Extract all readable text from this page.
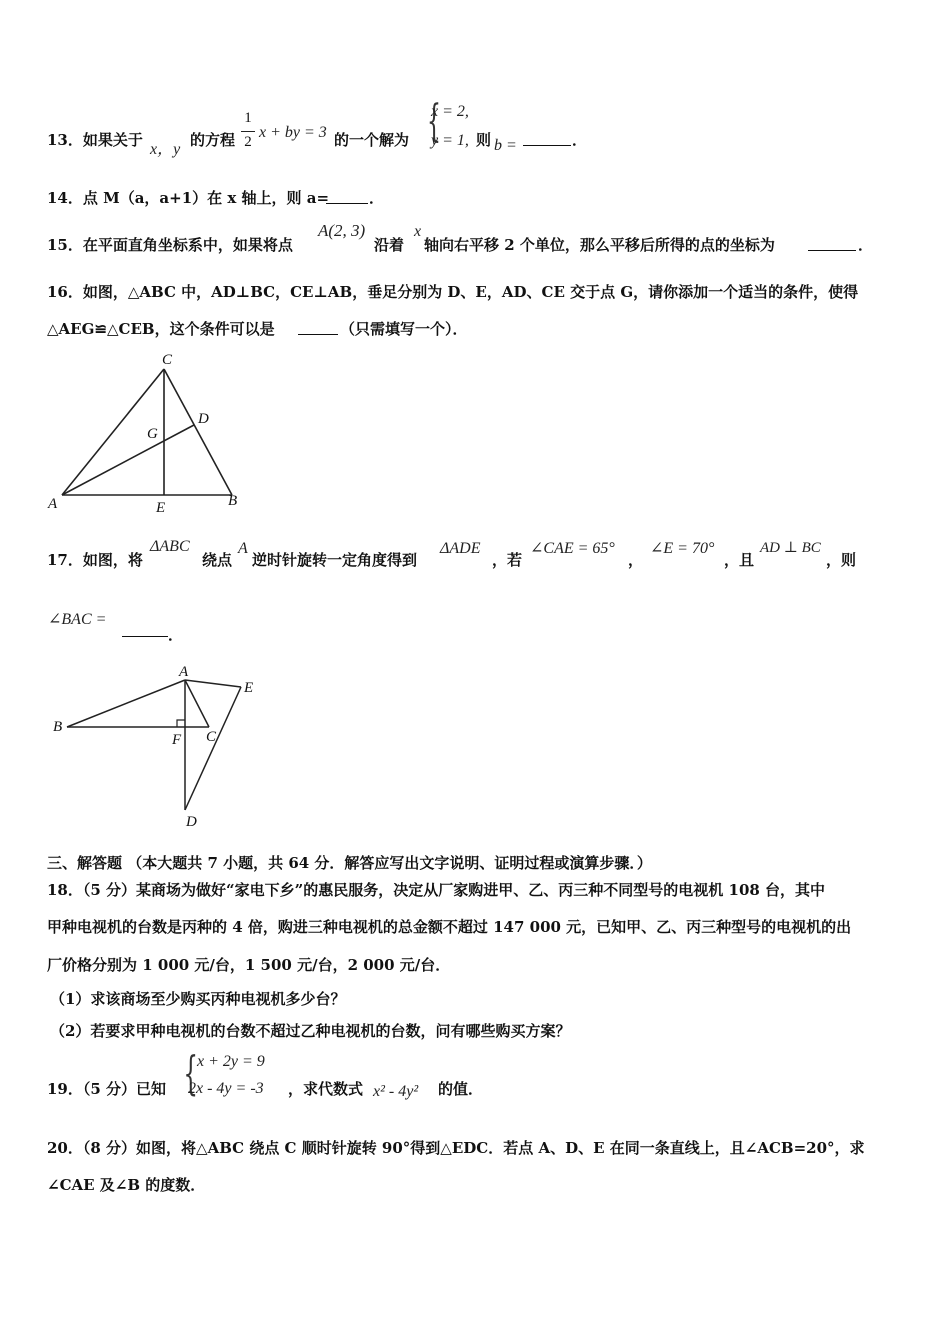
13．如果关于
x，y
的方程
1
2
x + by = 3 的一个解为 {
x = 2,
y = 1, 则 b =	．
14．点 M（a，a+1）在 x 轴上，则 a=	．
15．在平面直角坐标系中，如果将点
A(2, 3)
沿着
x
轴向右平移 2 个单位，那么平移后所得的点的坐标为	．
16．如图，△ABC 中，AD⊥BC，CE⊥AB，垂足分别为 D、E，AD、CE 交于点 G，请你添加一个适当的条件，使得
△AEG≌△CEB，这个条件可以是	（只需填写一个）．
C
D
G
A	E	B
17．如图，将
ΔABC
绕点
A
逆时针旋转一定角度得到
ΔADE
，若
∠CAE = 65°
，
∠E = 70°
，且
AD ⊥ BC
，则
∠BAC =
．
A
E
B
F C
D
三、解答题 （本大题共 7 小题，共 64 分．解答应写出文字说明、证明过程或演算步骤．）
18．（5 分）某商场为做好“家电下乡”的惠民服务，决定从厂家购进甲、乙、丙三种不同型号的电视机 108 台，其中
甲种电视机的台数是丙种的 4 倍，购进三种电视机的总金额不超过 147 000 元，已知甲、乙、丙三种型号的电视机的出
厂价格分别为 1 000 元/台，1 500 元/台，2 000 元/台．
（1）求该商场至少购买丙种电视机多少台？
（2）若要求甲种电视机的台数不超过乙种电视机的台数，问有哪些购买方案？
19．（5 分）已知 { x + 2y = 9
2x - 4y = -3 ，求代数式 x² - 4y² 的值．
20．（8 分）如图，将△ABC 绕点 C 顺时针旋转 90°得到△EDC．若点 A、D、E 在同一条直线上，且∠ACB=20°，求
∠CAE 及∠B 的度数．
